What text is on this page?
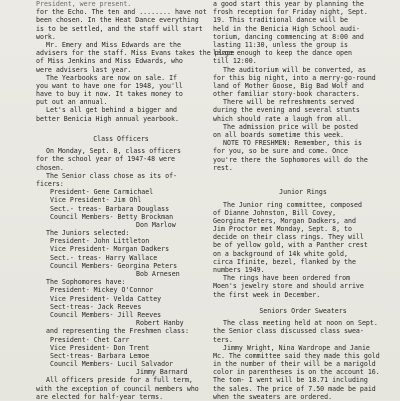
President, were present.
for the Echo. The ten and ........ have not
been chosen. In the Heat Dance everything
is to be settled, and the staff will start
work.
Mr. Emery and Miss Edwards are the
advisers for the staff. Miss Evans takes the place
of Miss Jenkins and Miss Edwards, who
were advisers last year.
The Yearbooks are now on sale. If
you want to have one for 1948, you'll
have to buy it now. It takes money to
put out an annual.
Let's all get behind a bigger and
better Benicia High annual yearbook.
Class Officers
On Monday, Sept. 8, class officers
for the school year of 1947-48 were
chosen.
The Senior class chose as its of-
ficers:
President- Gene Carmichael
Vice President- Jim Ohl
Sect.- treas- Barbara Douglass
Council Members- Betty Brockman
Don Marlow
The Juniors selected:
President- John Littleton
Vice President- Morgan Dadkers
Sect.- treas- Harry Wallace
Council Members- Georgina Peters
Bob Arnesen
The Sophomores have:
President- Mickey O'Connor
Vice President- Velda Cattey
Sect-treas- Jack Reeves
Council Members- Jill Reeves
Robert Hanby
and representing the Freshmen class:
President- Chet Carr
Vice President- Don Trent
Sect-treas- Barbara Lemoe
Council Members- Lucil Salvador
Jimmy Barnard
All officers preside for a full term,
with the exception of council members who
are elected for half-year terms.
a good start this year by planning the
frosh reception for Friday night, Sept.
19. This traditional dance will be
held in the Benicia High School audi-
torium, dancing commencing at 8:00 and
lasting 11:30, unless the group is
large enough to keep the dance open
till 12:00.
The auditorium will be converted, as
for this big night, into a merry-go-round
land of Mother Goose, Big Bad Wolf and
other familiar story-book characters.
There will be refreshments served
during the evening and several stunts
which should rate a laugh from all.
The admission price will be posted
on all boards sometime this week.
NOTE TO FRESHMEN: Remember, this is
for you, so be sure and come. Once
you're there the Sophomores will do the
rest.
Junior Rings
The Junior ring committee, composed
of Dianne Johnston, Bill Covey,
Georgina Peters, Morgan Dadkers, and
Jim Proctor met Monday, Sept. 8, to
decide on their class rings. They will
be of yellow gold, with a Panther crest
on a background of 14k white gold,
circa Ifinite, bezel, flanked by the
numbers 1949.
The rings have been ordered from
Moen's jewelry store and should arrive
the first week in December.
Seniors Order Sweaters
The class meeting held at noon on Sept.
the Senior class discussed class swea-
ters.
Jimmy Wright, Nina Wardrope and Janie
Mc. The committee said they made this gold
in the number of their will be a marigold
color in parentheses is on the account 16.
The tom- I went will be 18.71 including
the sales. The price of 7.50 made be paid
when the sweaters are ordered.
